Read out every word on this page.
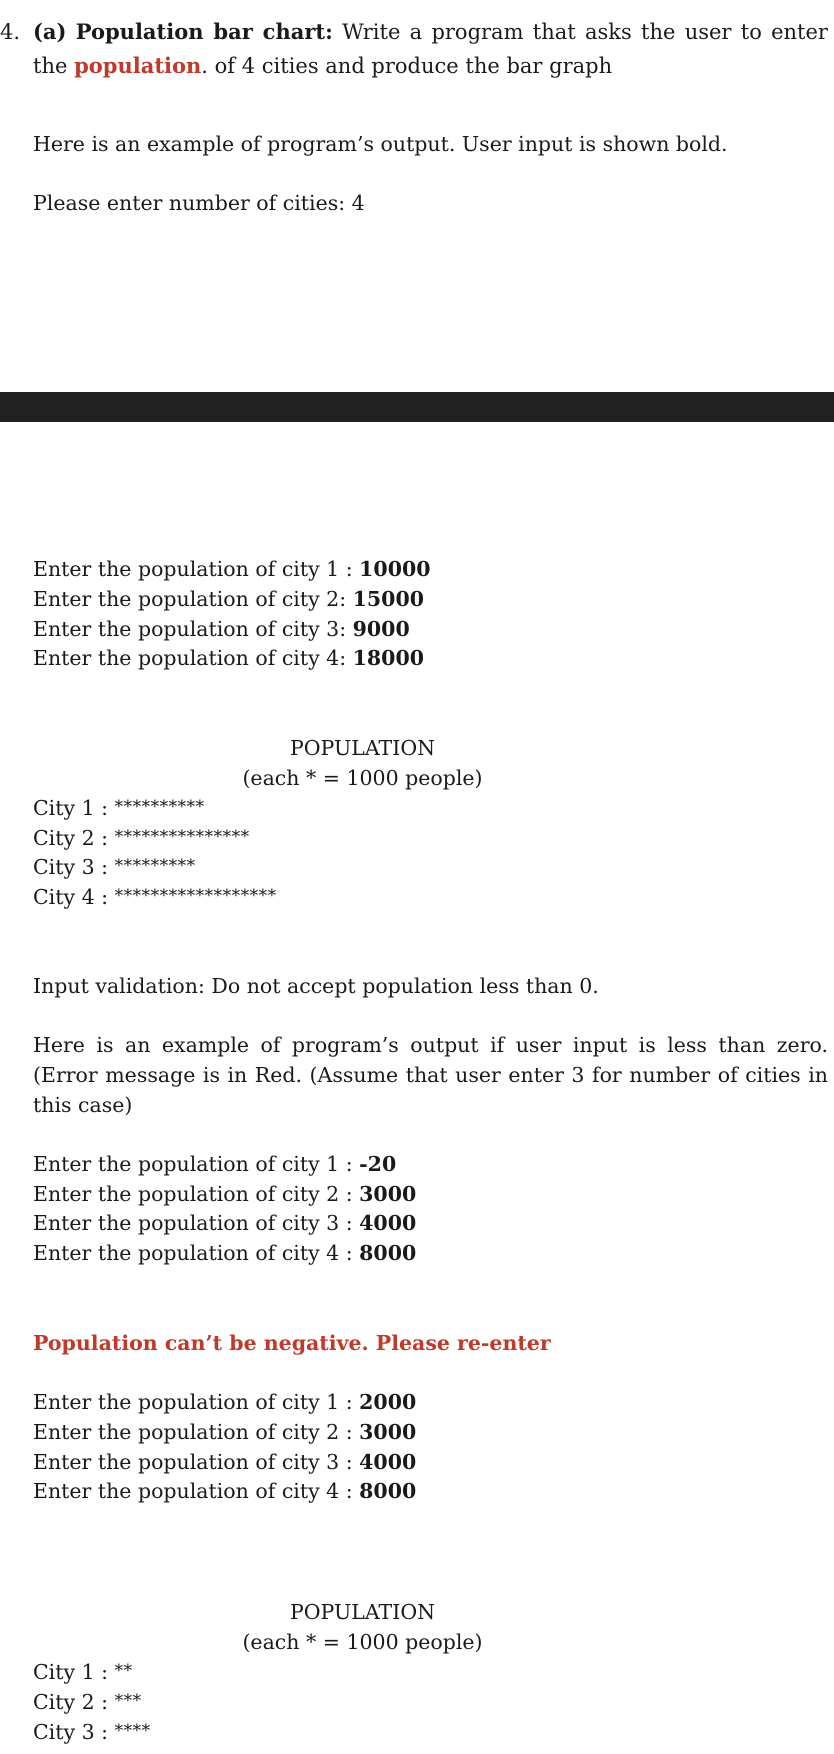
4. (a) Population bar chart: Write a program that asks the user to enter the population. of 4 cities and produce the bar graph
Here is an example of program’s output. User input is shown bold.
Please enter number of cities: 4
Enter the population of city 1 : 10000
Enter the population of city 2: 15000
Enter the population of city 3: 9000
Enter the population of city 4: 18000
POPULATION
(each * = 1000 people)
City 1 : **********
City 2 : ***************
City 3 : *********
City 4 : ******************
Input validation: Do not accept population less than 0.
Here is an example of program’s output if user input is less than zero. (Error message is in Red. (Assume that user enter 3 for number of cities in this case)
Enter the population of city 1 : -20
Enter the population of city 2 : 3000
Enter the population of city 3 : 4000
Enter the population of city 4 : 8000
Population can’t be negative. Please re-enter
Enter the population of city 1 : 2000
Enter the population of city 2 : 3000
Enter the population of city 3 : 4000
Enter the population of city 4 : 8000
POPULATION
(each * = 1000 people)
City 1 : **
City 2 : ***
City 3 : ****
